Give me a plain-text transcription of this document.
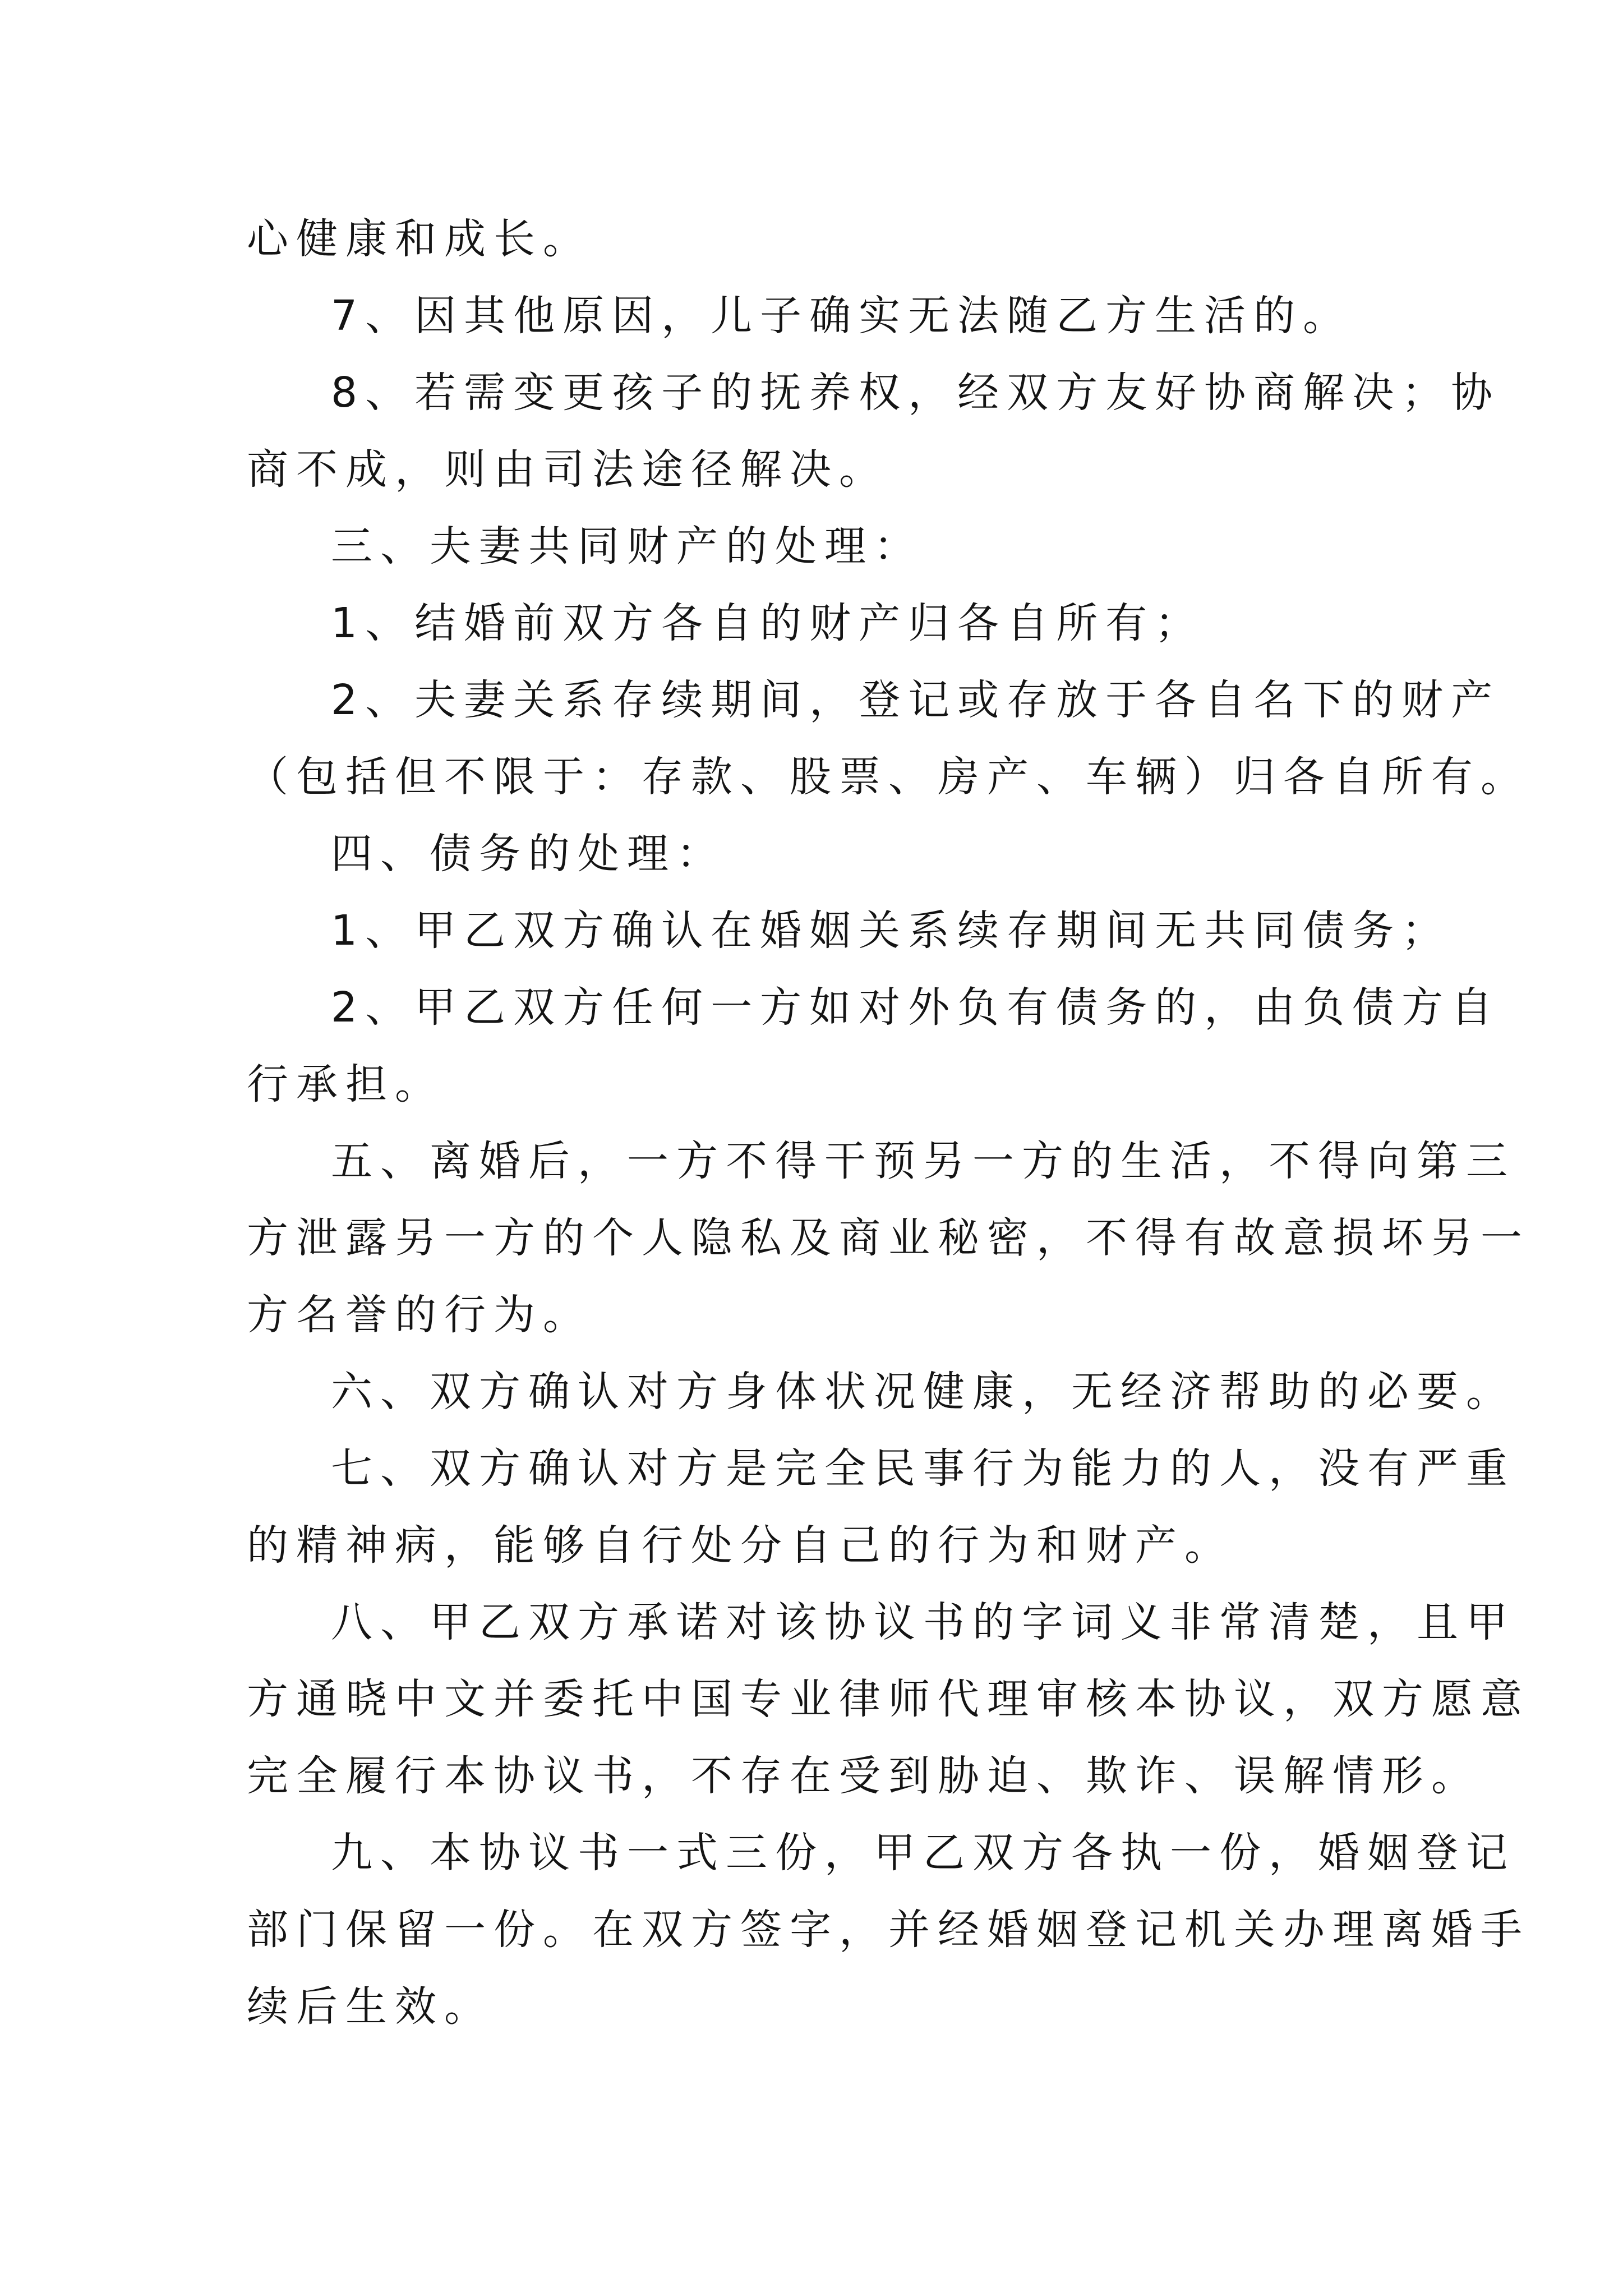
心健康和成长。
7、因其他原因，儿子确实无法随乙方生活的。
8、若需变更孩子的抚养权，经双方友好协商解决；协
商不成，则由司法途径解决。
三、夫妻共同财产的处理：
1、结婚前双方各自的财产归各自所有；
2、夫妻关系存续期间，登记或存放于各自名下的财产
（包括但不限于：存款、股票、房产、车辆）归各自所有。
四、债务的处理：
1、甲乙双方确认在婚姻关系续存期间无共同债务；
2、甲乙双方任何一方如对外负有债务的，由负债方自
行承担。
五、离婚后，一方不得干预另一方的生活，不得向第三
方泄露另一方的个人隐私及商业秘密，不得有故意损坏另一
方名誉的行为。
六、双方确认对方身体状况健康，无经济帮助的必要。
七、双方确认对方是完全民事行为能力的人，没有严重
的精神病，能够自行处分自己的行为和财产。
八、甲乙双方承诺对该协议书的字词义非常清楚，且甲
方通晓中文并委托中国专业律师代理审核本协议，双方愿意
完全履行本协议书，不存在受到胁迫、欺诈、误解情形。
九、本协议书一式三份，甲乙双方各执一份，婚姻登记
部门保留一份。在双方签字，并经婚姻登记机关办理离婚手
续后生效。
